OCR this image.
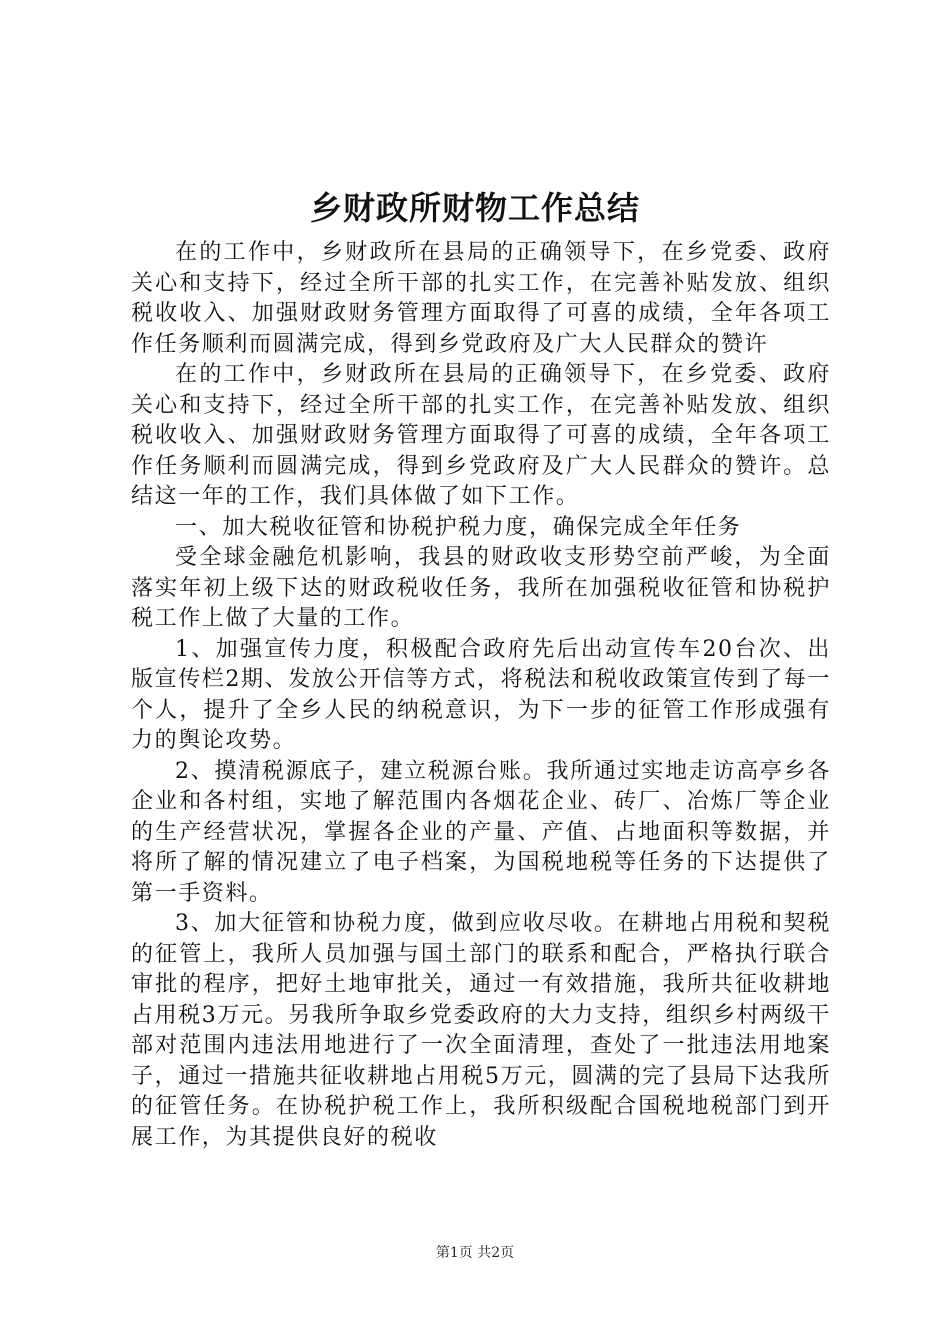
乡财政所财物工作总结

在的工作中，乡财政所在县局的正确领导下，在乡党委、政府关心和支持下，经过全所干部的扎实工作，在完善补贴发放、组织税收收入、加强财政财务管理方面取得了可喜的成绩，全年各项工作任务顺利而圆满完成，得到乡党政府及广大人民群众的赞许

在的工作中，乡财政所在县局的正确领导下，在乡党委、政府关心和支持下，经过全所干部的扎实工作，在完善补贴发放、组织税收收入、加强财政财务管理方面取得了可喜的成绩，全年各项工作任务顺利而圆满完成，得到乡党政府及广大人民群众的赞许。总结这一年的工作，我们具体做了如下工作。

一、加大税收征管和协税护税力度，确保完成全年任务

受全球金融危机影响，我县的财政收支形势空前严峻，为全面落实年初上级下达的财政税收任务，我所在加强税收征管和协税护税工作上做了大量的工作。

1、加强宣传力度，积极配合政府先后出动宣传车20台次、出版宣传栏2期、发放公开信等方式，将税法和税收政策宣传到了每一个人，提升了全乡人民的纳税意识，为下一步的征管工作形成强有力的舆论攻势。

2、摸清税源底子，建立税源台账。我所通过实地走访高亭乡各企业和各村组，实地了解范围内各烟花企业、砖厂、冶炼厂等企业的生产经营状况，掌握各企业的产量、产值、占地面积等数据，并将所了解的情况建立了电子档案，为国税地税等任务的下达提供了第一手资料。

3、加大征管和协税力度，做到应收尽收。在耕地占用税和契税的征管上，我所人员加强与国土部门的联系和配合，严格执行联合审批的程序，把好土地审批关，通过一有效措施，我所共征收耕地占用税3万元。另我所争取乡党委政府的大力支持，组织乡村两级干部对范围内违法用地进行了一次全面清理，查处了一批违法用地案子，通过一措施共征收耕地占用税5万元，圆满的完了县局下达我所的征管任务。在协税护税工作上，我所积级配合国税地税部门到开展工作，为其提供良好的税收

第1页 共2页
